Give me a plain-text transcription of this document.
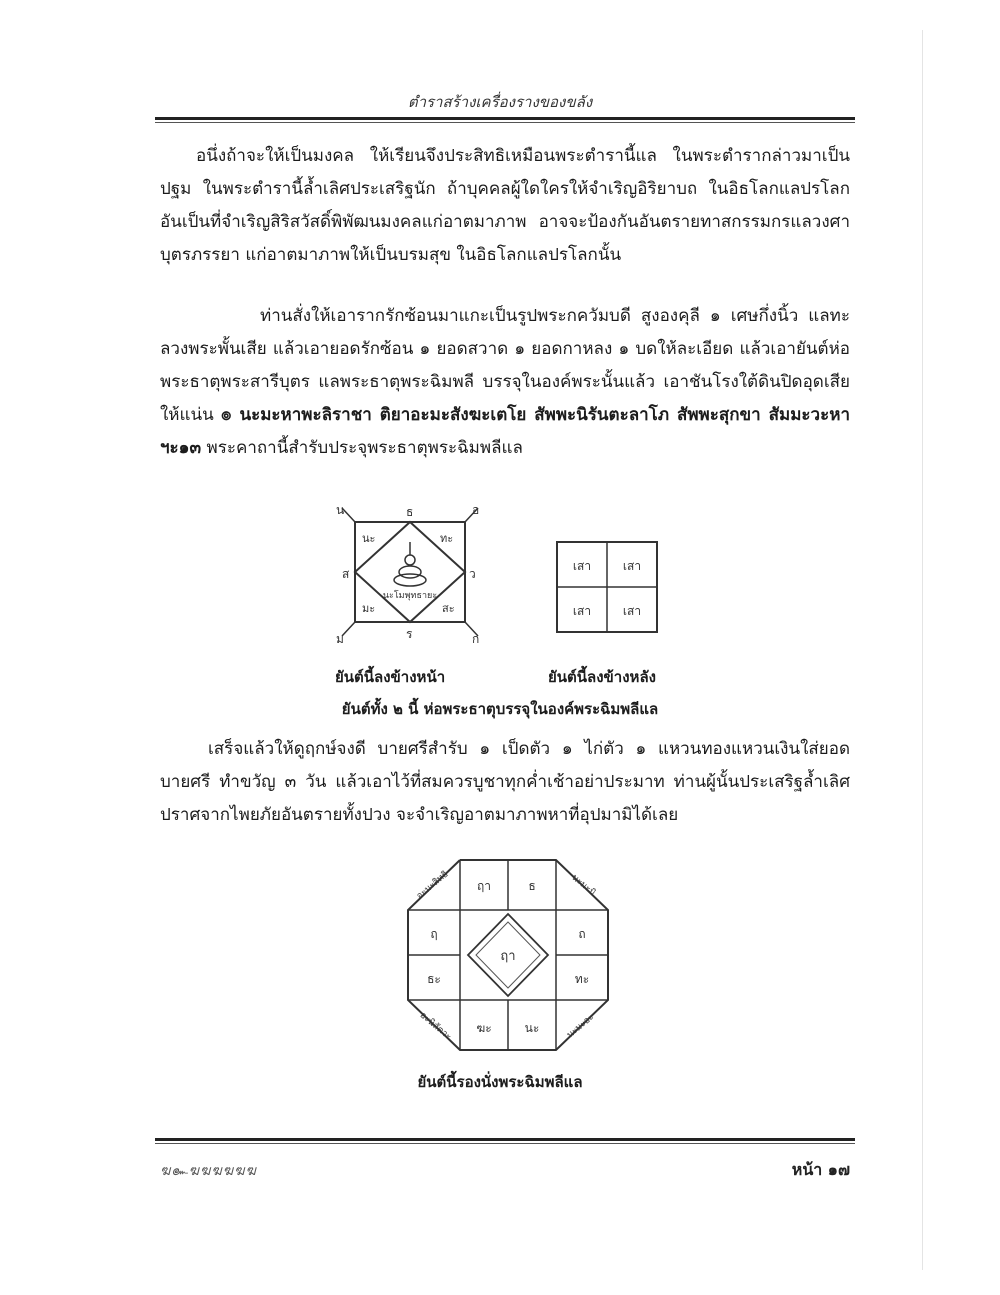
ตำราสร้างเครื่องรางของขลัง

อนึ่งถ้าจะให้เป็นมงคล ให้เรียนจึงประสิทธิเหมือนพระตำรานี้แล ในพระตำรากล่าวมาเป็นปฐม ในพระตำรานี้ล้ำเลิศประเสริฐนัก ถ้าบุคคลผู้ใดใครให้จำเริญอิริยาบถ ในอิธโลกแลปรโลก อันเป็นที่จำเริญสิริสวัสดิ์พิพัฒนมงคลแก่อาตมาภาพ อาจจะป้องกันอันตรายทาสกรรมกรแลวงศาบุตรภรรยา แก่อาตมาภาพให้เป็นบรมสุข ในอิธโลกแลปรโลกนั้น

ท่านสั่งให้เอารากรักซ้อนมาแกะเป็นรูปพระกควัมบดี สูงองคุลี ๑ เศษกึ่งนิ้ว แลทะลวงพระพั้นเสีย แล้วเอายอดรักซ้อน ๑ ยอดสวาด ๑ ยอดกาหลง ๑ บดให้ละเอียด แล้วเอายันต์ห่อพระธาตุพระสารีบุตร แลพระธาตุพระฉิมพลี บรรจุในองค์พระนั้นแล้ว เอาชันโรงใต้ดินปิดอุดเสียให้แน่น ๏ นะมะหาพะลิราชา ติยาอะมะสังฆะเตโย สัพพะนิรันตะลาโภ สัพพะสุกขา สัมมะวะหา ฯะ๑๓ พระคาถานี้สำรับประจุพระธาตุพระฉิมพลีแล

น	อ
ม	ก
ธ
ร
ส	ว
นะ	ทะ
มะ	สะ
นะโมพุทธายะ
เสา	เสา
เสา	เสา
ยันต์นี้ลงข้างหน้า	ยันต์นี้ลงข้างหลัง
ยันต์ทั้ง ๒ นี้ ห่อพระธาตุบรรจุในองค์พระฉิมพลีแล

เสร็จแล้วให้ดูฤกษ์จงดี บายศรีสำรับ ๑ เป็ดตัว ๑ ไก่ตัว ๑ แหวนทองแหวนเงินใส่ยอดบายศรี ทำขวัญ ๓ วัน แล้วเอาไว้ที่สมควรบูชาทุกค่ำเช้าอย่าประมาท ท่านผู้นั้นประเสริฐล้ำเลิศ ปราศจากไพยภัยอันตรายทั้งปวง จะจำเริญอาตมาภาพหาที่อุปมามิได้เลย

ฤา	ธ
ฤ	ถ
ธะ	ทะ
ฆะ	นะ
ฤา
อะมะสิทธิ	นะมะมิ
อะนิสัตวะ	นะมะอะ
ยันต์นี้รองนั่งพระฉิมพลีแล
ฆ๛ฆฆฆฆฆฆ	หน้า ๑๗
